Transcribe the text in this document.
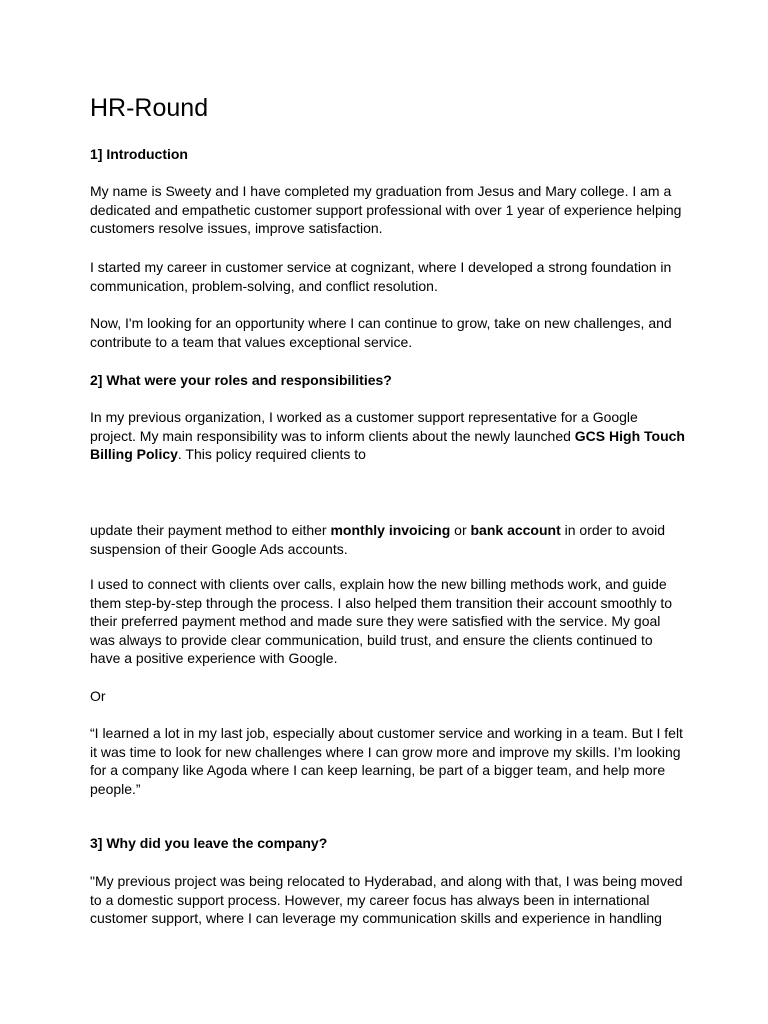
HR-Round

1] Introduction

My name is Sweety and I have completed my graduation from Jesus and Mary college. I am a dedicated and empathetic customer support professional with over 1 year of experience helping customers resolve issues, improve satisfaction.

I started my career in customer service at cognizant, where I developed a strong foundation in communication, problem-solving, and conflict resolution.

Now, I'm looking for an opportunity where I can continue to grow, take on new challenges, and contribute to a team that values exceptional service.

2] What were your roles and responsibilities?

In my previous organization, I worked as a customer support representative for a Google project. My main responsibility was to inform clients about the newly launched GCS High Touch Billing Policy. This policy required clients to

update their payment method to either monthly invoicing or bank account in order to avoid suspension of their Google Ads accounts.

I used to connect with clients over calls, explain how the new billing methods work, and guide them step-by-step through the process. I also helped them transition their account smoothly to their preferred payment method and made sure they were satisfied with the service. My goal was always to provide clear communication, build trust, and ensure the clients continued to have a positive experience with Google.

Or

“I learned a lot in my last job, especially about customer service and working in a team. But I felt it was time to look for new challenges where I can grow more and improve my skills. I’m looking for a company like Agoda where I can keep learning, be part of a bigger team, and help more people.”

3] Why did you leave the company?

"My previous project was being relocated to Hyderabad, and along with that, I was being moved to a domestic support process. However, my career focus has always been in international customer support, where I can leverage my communication skills and experience in handling
